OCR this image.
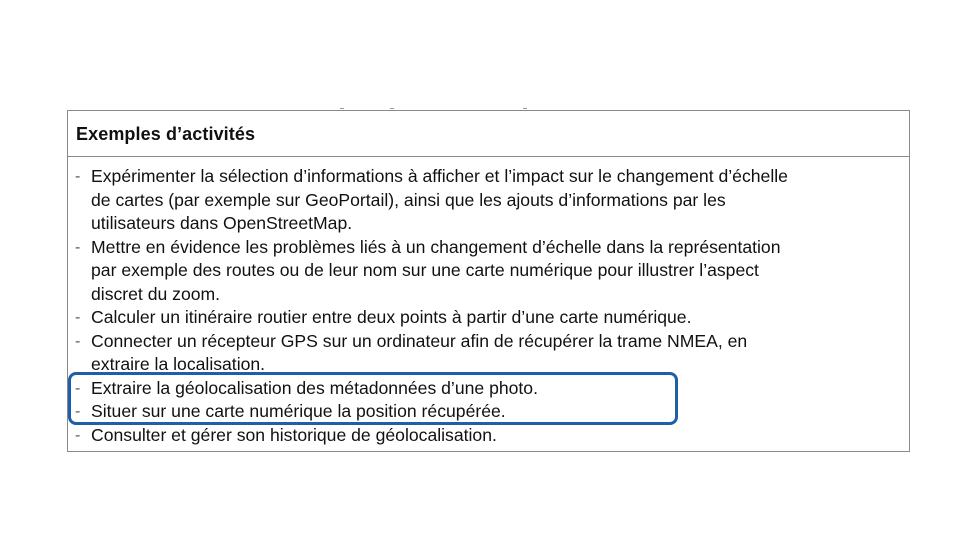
Exemples d’activités
- Expérimenter la sélection d’informations à afficher et l’impact sur le changement d’échelle
de cartes (par exemple sur GeoPortail), ainsi que les ajouts d’informations par les
utilisateurs dans OpenStreetMap.
- Mettre en évidence les problèmes liés à un changement d’échelle dans la représentation
par exemple des routes ou de leur nom sur une carte numérique pour illustrer l’aspect
discret du zoom.
- Calculer un itinéraire routier entre deux points à partir d’une carte numérique.
- Connecter un récepteur GPS sur un ordinateur afin de récupérer la trame NMEA, en
extraire la localisation.
- Extraire la géolocalisation des métadonnées d’une photo.
- Situer sur une carte numérique la position récupérée.
- Consulter et gérer son historique de géolocalisation.
